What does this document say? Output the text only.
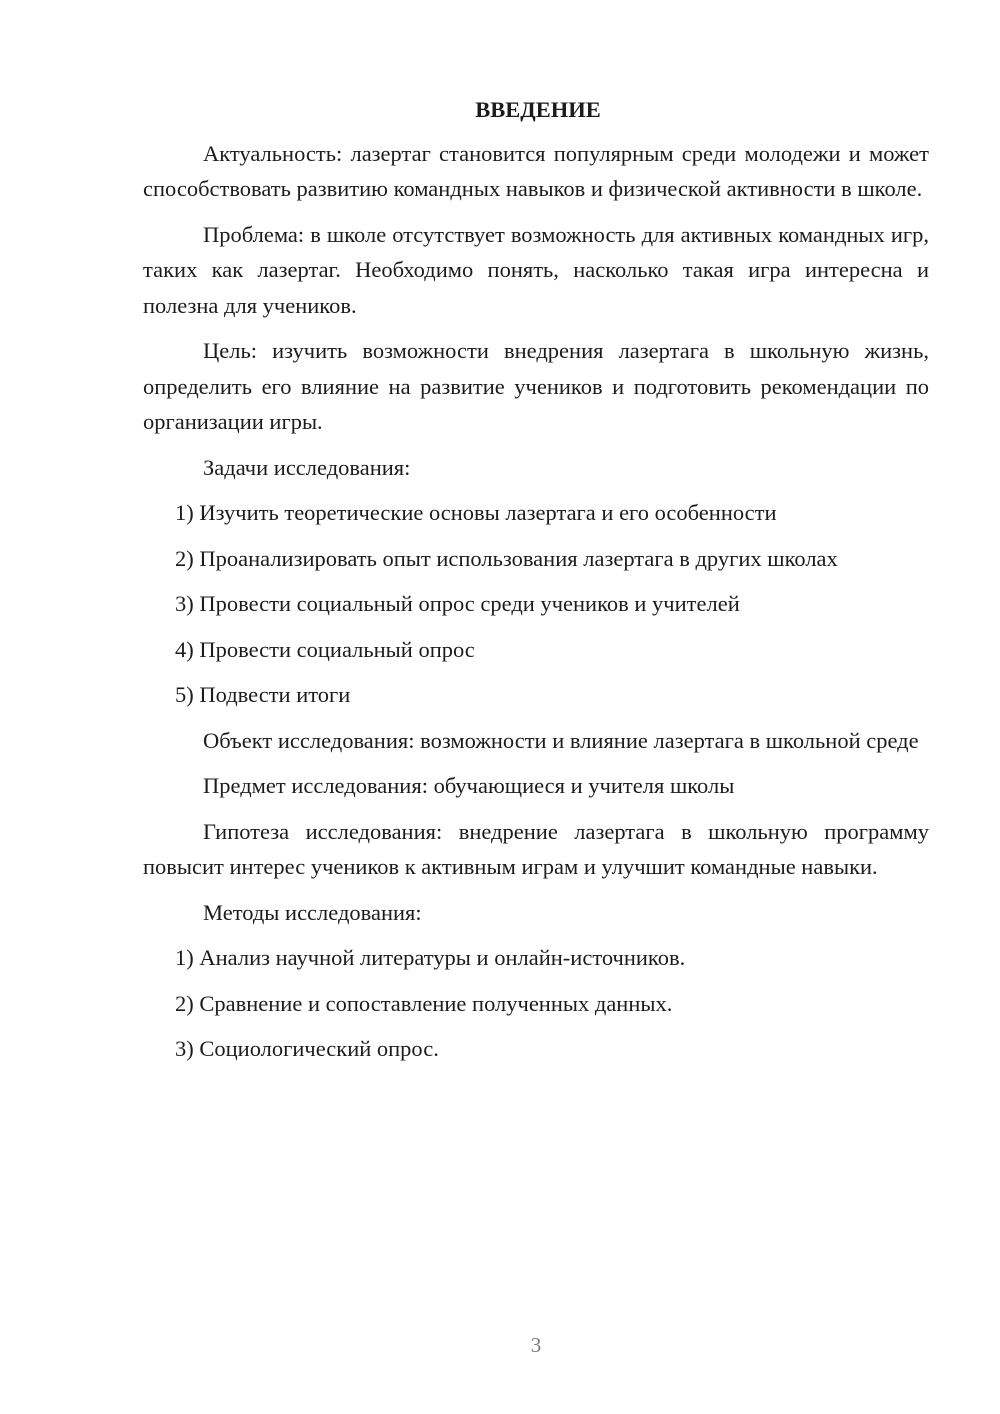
ВВЕДЕНИЕ

Актуальность: лазертаг становится популярным среди молодежи и может способствовать развитию командных навыков и физической активности в школе.

Проблема: в школе отсутствует возможность для активных командных игр, таких как лазертаг. Необходимо понять, насколько такая игра интересна и полезна для учеников.

Цель: изучить возможности внедрения лазертага в школьную жизнь, определить его влияние на развитие учеников и подготовить рекомендации по организации игры.

Задачи исследования:

1) Изучить теоретические основы лазертага и его особенности
2) Проанализировать опыт использования лазертага в других школах
3) Провести социальный опрос среди учеников и учителей
4) Провести социальный опрос
5) Подвести итоги

Объект исследования: возможности и влияние лазертага в школьной среде

Предмет исследования: обучающиеся и учителя школы

Гипотеза исследования: внедрение лазертага в школьную программу повысит интерес учеников к активным играм и улучшит командные навыки.

Методы исследования:

1) Анализ научной литературы и онлайн-источников.
2) Сравнение и сопоставление полученных данных.
3) Социологический опрос.
3
